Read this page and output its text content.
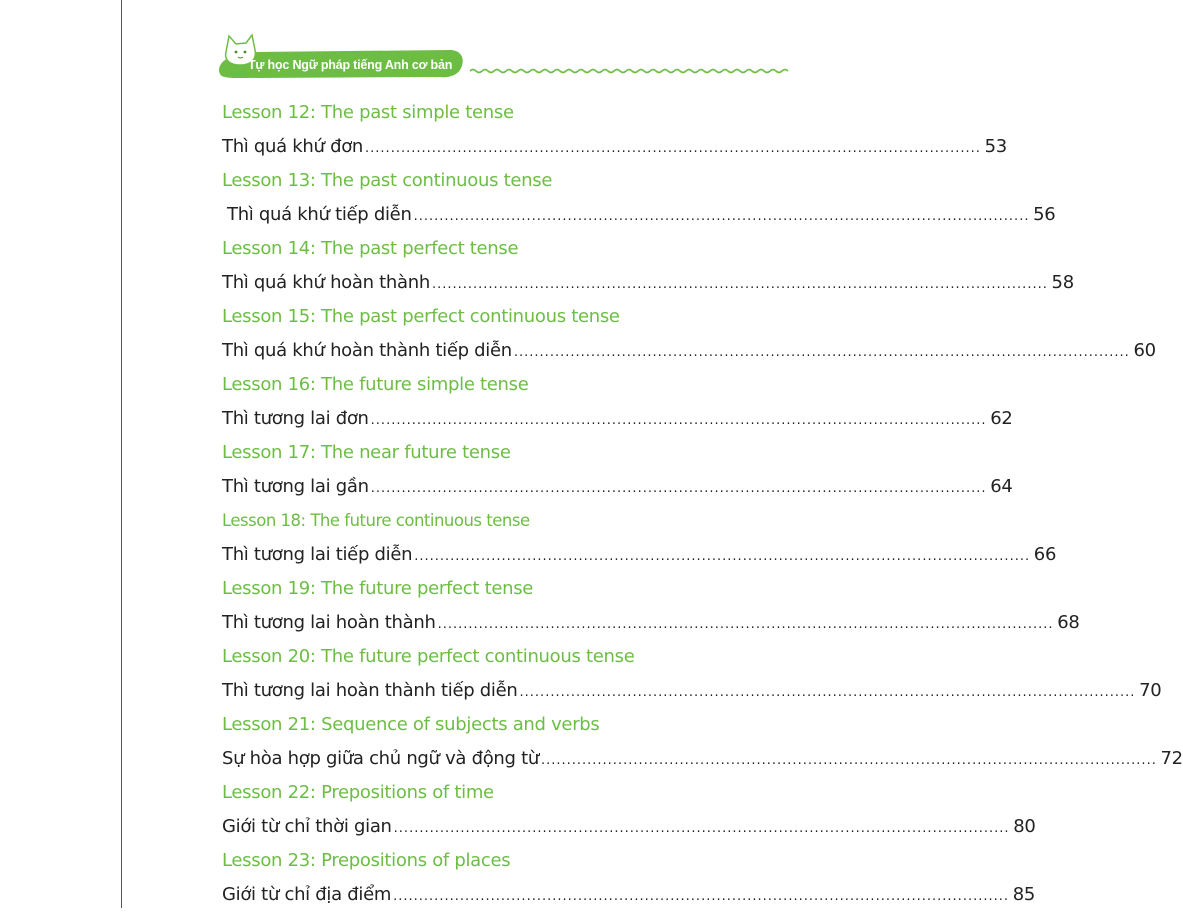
Tự học Ngữ pháp tiếng Anh cơ bản
Lesson 12: The past simple tense
Thì quá khứ đơn ........................................................................................................................ 53
Lesson 13: The past continuous tense
Thì quá khứ tiếp diễn ........................................................................................................................ 56
Lesson 14: The past perfect tense
Thì quá khứ hoàn thành ........................................................................................................................ 58
Lesson 15: The past perfect continuous tense
Thì quá khứ hoàn thành tiếp diễn ........................................................................................................................ 60
Lesson 16: The future simple tense
Thì tương lai đơn ........................................................................................................................ 62
Lesson 17: The near future tense
Thì tương lai gần ........................................................................................................................ 64
Lesson 18: The future continuous tense
Thì tương lai tiếp diễn ........................................................................................................................ 66
Lesson 19: The future perfect tense
Thì tương lai hoàn thành ........................................................................................................................ 68
Lesson 20: The future perfect continuous tense
Thì tương lai hoàn thành tiếp diễn ........................................................................................................................ 70
Lesson 21: Sequence of subjects and verbs
Sự hòa hợp giữa chủ ngữ và động từ ........................................................................................................................ 72
Lesson 22: Prepositions of time
Giới từ chỉ thời gian ........................................................................................................................ 80
Lesson 23: Prepositions of places
Giới từ chỉ địa điểm ........................................................................................................................ 85
